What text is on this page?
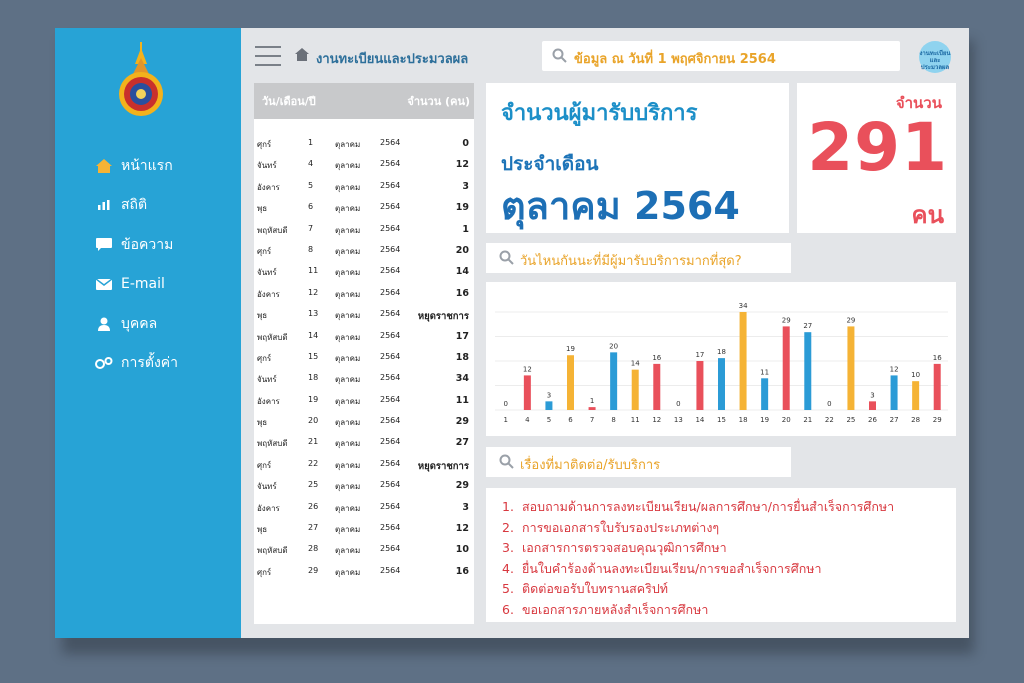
หน้าแรก
สถิติ
ข้อความ
E-mail
บุคคล
การตั้งค่า
งานทะเบียนและประมวลผล	ข้อมูล ณ วันที่ 1 พฤศจิกายน 2564	งานทะเบียน
และ
ประมวลผล
วัน/เดือน/ปี	จำนวน (คน)
ศุกร์	1	ตุลาคม 2564	0
จันทร์	4	ตุลาคม 2564	12
อังคาร	5	ตุลาคม 2564	3
พุธ	6	ตุลาคม 2564	19
พฤหัสบดี	7	ตุลาคม 2564	1
ศุกร์	8	ตุลาคม 2564	20
จันทร์	11 ตุลาคม 2564	14
อังคาร	12 ตุลาคม 2564	16
พุธ	13 ตุลาคม 2564 หยุดราชการ
พฤหัสบดี	14 ตุลาคม 2564	17
ศุกร์	15 ตุลาคม 2564	18
จันทร์	18 ตุลาคม 2564	34
อังคาร	19 ตุลาคม 2564	11
พุธ	20 ตุลาคม 2564	29
พฤหัสบดี	21 ตุลาคม 2564	27
ศุกร์	22 ตุลาคม 2564 หยุดราชการ
จันทร์	25 ตุลาคม 2564	29
อังคาร	26 ตุลาคม 2564	3
พุธ	27 ตุลาคม 2564	12
พฤหัสบดี	28 ตุลาคม 2564	10
ศุกร์	29 ตุลาคม 2564	16
จำนวนผู้มารับบริการ
ประจำเดือน
ตุลาคม 2564
จำนวน
291
คน
วันไหนกันนะที่มีผู้มารับบริการมากที่สุด?
0
1
12
4
3
5
19
6
1
7
20
8
14
11
16
12
0
13
17
14
18
15
34
18
11
19
29
20
27
21
0
22
29
25
3
26
12
27
10
28
16
29
เรื่องที่มาติดต่อ/รับบริการ
1. สอบถามด้านการลงทะเบียนเรียน/ผลการศึกษา/การยื่นสำเร็จการศึกษา
2. การขอเอกสารใบรับรองประเภทต่างๆ
3. เอกสารการตรวจสอบคุณวุฒิการศึกษา
4. ยื่นใบคำร้องด้านลงทะเบียนเรียน/การขอสำเร็จการศึกษา
5. ติดต่อขอรับใบทรานสคริปท์
6. ขอเอกสารภายหลังสำเร็จการศึกษา
